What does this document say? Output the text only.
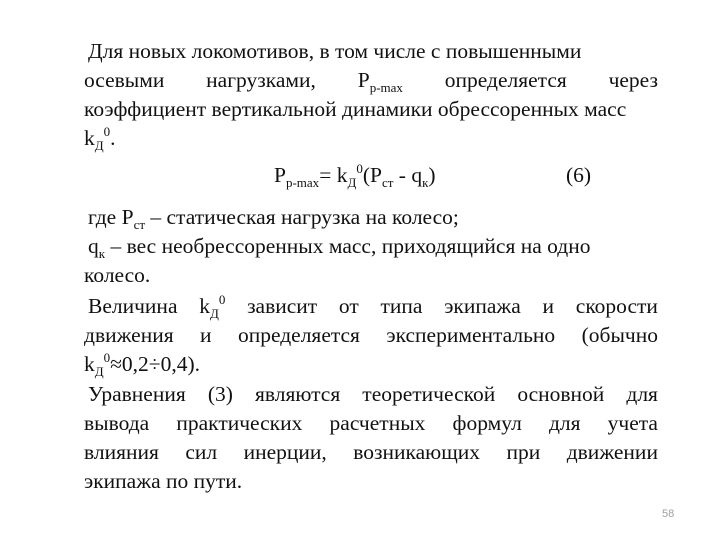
Для новых локомотивов, в том числе с повышенными
осевыми нагрузками, $P_{р-max}$ определяется через
коэффициент вертикальной динамики обрессоренных масс
$k_Д^0$.
$P_{р-max}= k_Д^0(P_{ст} - q_к)$	(6)
где $P_{ст}$ – статическая нагрузка на колесо;
$q_к$ – вес необрессоренных масс, приходящийся на одно
колесо.
Величина $k_Д^0$ зависит от типа экипажа и скорости
движения и определяется экспериментально (обычно
$k_Д^0\approx 0,2\div 0,4$).
Уравнения (3) являются теоретической основной для
вывода практических расчетных формул для учета
влияния сил инерции, возникающих при движении
экипажа по пути.
58
